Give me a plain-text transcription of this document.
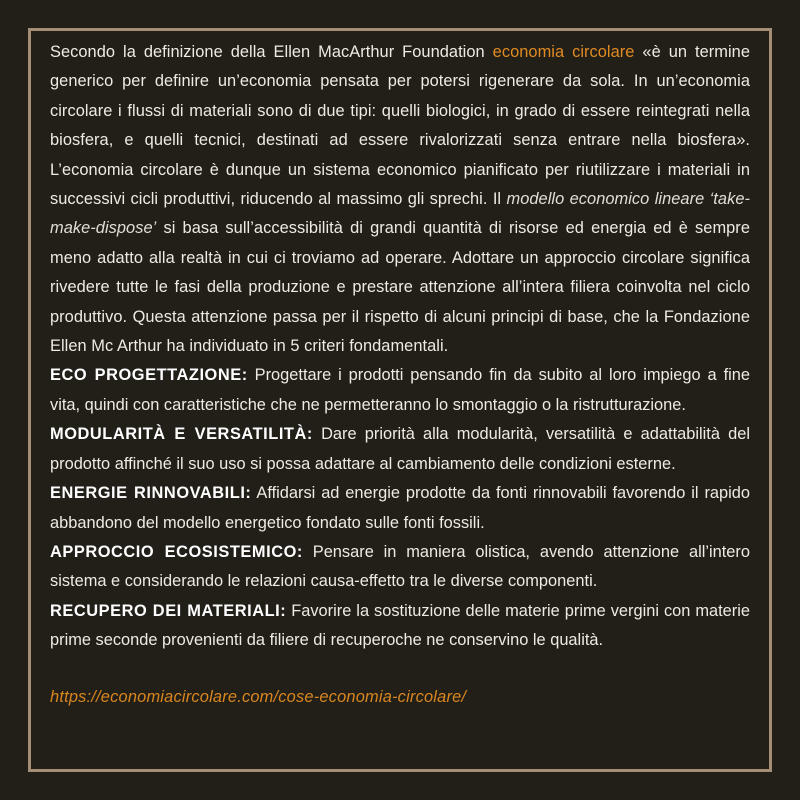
Secondo la definizione della Ellen MacArthur Foundation economia circolare «è un termine generico per definire un’economia pensata per potersi rigenerare da sola. In un’economia circolare i flussi di materiali sono di due tipi: quelli biologici, in grado di essere reintegrati nella biosfera, e quelli tecnici, destinati ad essere rivalorizzati senza entrare nella biosfera». L’economia circolare è dunque un sistema economico pianificato per riutilizzare i materiali in successivi cicli produttivi, riducendo al massimo gli sprechi. Il modello economico lineare ‘take-make-dispose’ si basa sull’accessibilità di grandi quantità di risorse ed energia ed è sempre meno adatto alla realtà in cui ci troviamo ad operare. Adottare un approccio circolare significa rivedere tutte le fasi della produzione e prestare attenzione all’intera filiera coinvolta nel ciclo produttivo. Questa attenzione passa per il rispetto di alcuni principi di base, che la Fondazione Ellen Mc Arthur ha individuato in 5 criteri fondamentali.

ECO PROGETTAZIONE: Progettare i prodotti pensando fin da subito al loro impiego a fine vita, quindi con caratteristiche che ne permetteranno lo smontaggio o la ristrutturazione.

MODULARITÀ E VERSATILITÀ: Dare priorità alla modularità, versatilità e adattabilità del prodotto affinché il suo uso si possa adattare al cambiamento delle condizioni esterne.

ENERGIE RINNOVABILI: Affidarsi ad energie prodotte da fonti rinnovabili favorendo il rapido abbandono del modello energetico fondato sulle fonti fossili.

APPROCCIO ECOSISTEMICO: Pensare in maniera olistica, avendo attenzione all’intero sistema e considerando le relazioni causa-effetto tra le diverse componenti.

RECUPERO DEI MATERIALI: Favorire la sostituzione delle materie prime vergini con materie prime seconde provenienti da filiere di recuperoche ne conservino le qualità.

https://economiacircolare.com/cose-economia-circolare/
